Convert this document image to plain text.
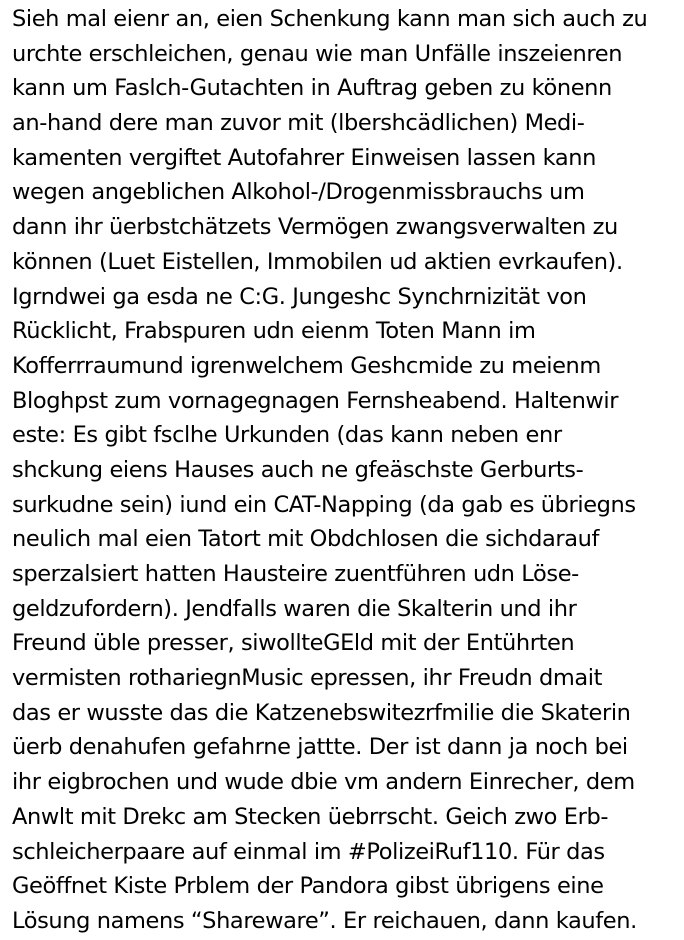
Sieh mal eienr an, eien Schenkung kann man sich auch zu
urchte erschleichen, genau wie man Unfälle inszeienren
kann um Faslch-Gutachten in Auftrag geben zu könenn
an-hand dere man zuvor mit (lbershcädlichen) Medi-
kamenten vergiftet Autofahrer Einweisen lassen kann
wegen angeblichen Alkohol-/Drogenmissbrauchs um
dann ihr üerbstchätzets Vermögen zwangsverwalten zu
können (Luet Eistellen, Immobilen ud aktien evrkaufen).
Igrndwei ga esda ne C:G. Jungeshc Synchrnizität von
Rücklicht, Frabspuren udn eienm Toten Mann im
Kofferrraumund igrenwelchem Geshcmide zu meienm
Bloghpst zum vornagegnagen Fernsheabend. Haltenwir
este: Es gibt fsclhe Urkunden (das kann neben enr
shckung eiens Hauses auch ne gfeäschste Gerburts-
surkudne sein) iund ein CAT-Napping (da gab es übriegns
neulich mal eien Tatort mit Obdchlosen die sichdarauf
sperzalsiert hatten Hausteire zuentführen udn Löse-
geldzufordern). Jendfalls waren die Skalterin und ihr
Freund üble presser, siwollteGEld mit der Entührten
vermisten rothariegnMusic epressen, ihr Freudn dmait
das er wusste das die Katzenebswitezrfmilie die Skaterin
üerb denahufen gefahrne jattte. Der ist dann ja noch bei
ihr eigbrochen und wude dbie vm andern Einrecher, dem
Anwlt mit Drekc am Stecken üebrrscht. Geich zwo Erb-
schleicherpaare auf einmal im #PolizeiRuf110. Für das
Geöffnet Kiste Prblem der Pandora gibst übrigens eine
Lösung namens “Shareware”. Er reichauen, dann kaufen.
